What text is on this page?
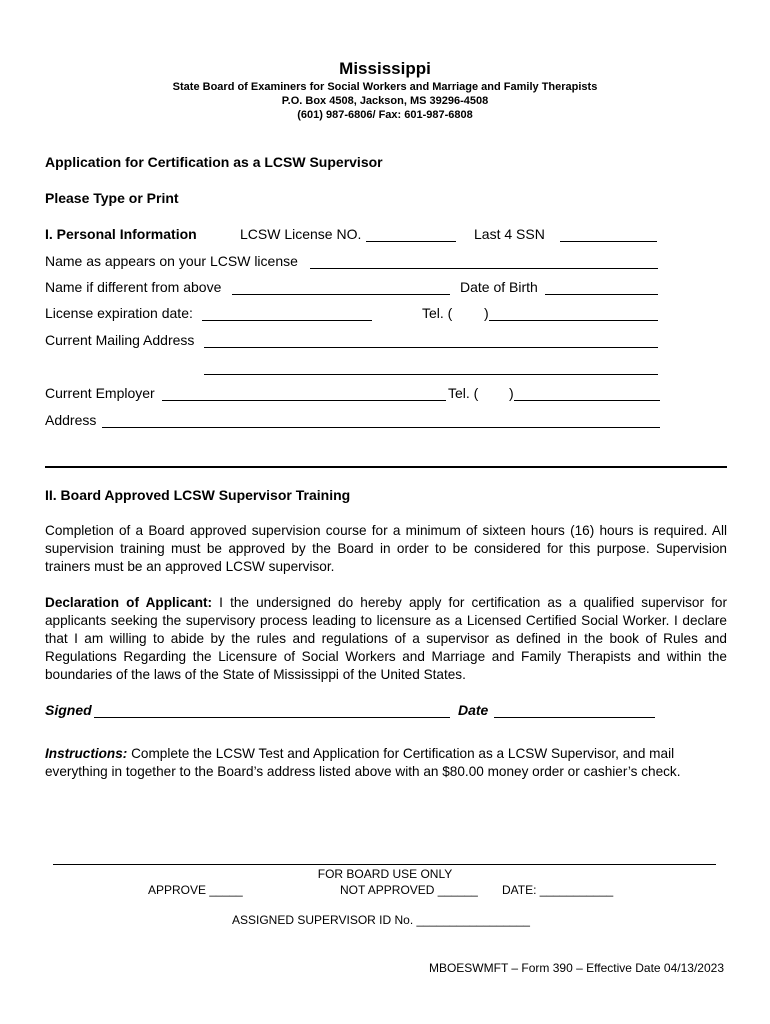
Mississippi
State Board of Examiners for Social Workers and Marriage and Family Therapists
P.O. Box 4508, Jackson, MS 39296-4508
(601) 987-6806/ Fax: 601-987-6808
Application for Certification as a LCSW Supervisor
Please Type or Print
I. Personal Information	LCSW License NO.	Last 4 SSN
Name as appears on your LCSW license
Name if different from above	Date of Birth
License expiration date:	Tel. ( )
Current Mailing Address
Current Employer	Tel. ( )
Address
II. Board Approved LCSW Supervisor Training
Completion of a Board approved supervision course for a minimum of sixteen hours (16) hours is required. All supervision training must be approved by the Board in order to be considered for this purpose. Supervision trainers must be an approved LCSW supervisor.
Declaration of Applicant: I the undersigned do hereby apply for certification as a qualified supervisor for applicants seeking the supervisory process leading to licensure as a Licensed Certified Social Worker. I declare that I am willing to abide by the rules and regulations of a supervisor as defined in the book of Rules and Regulations Regarding the Licensure of Social Workers and Marriage and Family Therapists and within the boundaries of the laws of the State of Mississippi of the United States.
Signed	Date
Instructions: Complete the LCSW Test and Application for Certification as a LCSW Supervisor, and mail everything in together to the Board’s address listed above with an $80.00 money order or cashier’s check.
FOR BOARD USE ONLY
APPROVE _____	NOT APPROVED ______ DATE: ___________
ASSIGNED SUPERVISOR ID No. _________________
MBOESWMFT – Form 390 – Effective Date 04/13/2023
